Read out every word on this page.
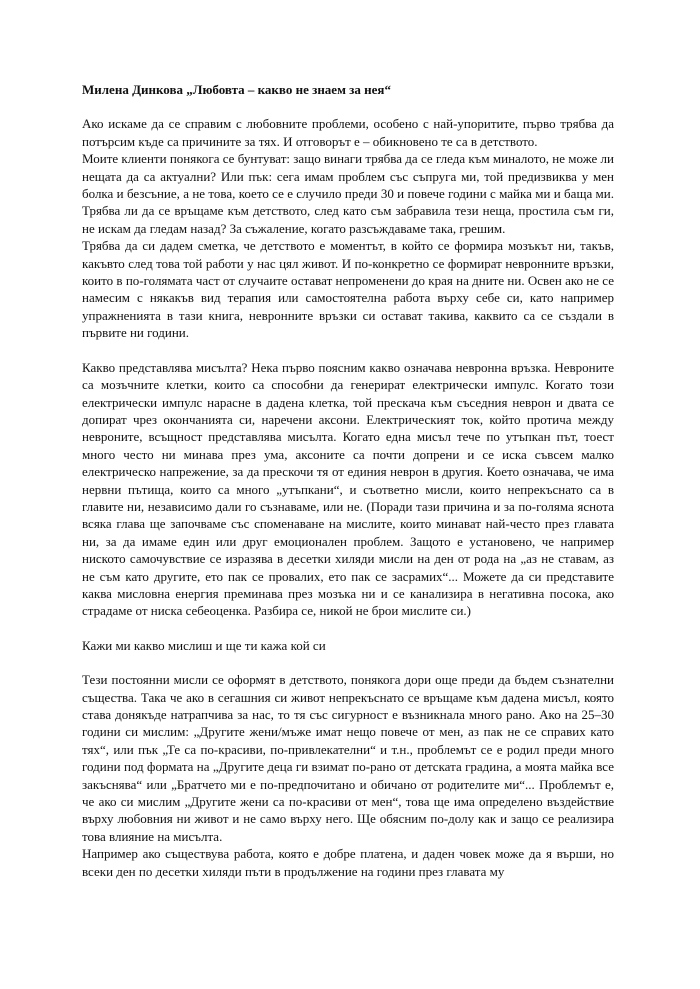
Милена Динкова „Любовта – какво не знаем за нея“

Ако искаме да се справим с любовните проблеми, особено с най-упоритите, първо трябва да потърсим къде са причините за тях. И отговорът е – обикновено те са в детството.

Моите клиенти понякога се бунтуват: защо винаги трябва да се гледа към миналото, не може ли нещата да са актуални? Или пък: сега имам проблем със съпруга ми, той предизвиква у мен болка и безсъние, а не това, което се е случило преди 30 и повече години с майка ми и баща ми. Трябва ли да се връщаме към детството, след като съм забравила тези неща, простила съм ги, не искам да гледам назад? За съжаление, когато разсъждаваме така, грешим.

Трябва да си дадем сметка, че детството е моментът, в който се формира мозъкът ни, такъв, какъвто след това той работи у нас цял живот. И по-конкретно се формират невронните връзки, които в по-голямата част от случаите остават непроменени до края на дните ни. Освен ако не се намесим с някакъв вид терапия или самостоятелна работа върху себе си, като например упражненията в тази книга, невронните връзки си остават такива, каквито са се създали в първите ни години.

Какво представлява мисълта? Нека първо поясним какво означава невронна връзка. Невроните са мозъчните клетки, които са способни да генерират електрически импулс. Когато този електрически импулс нарасне в дадена клетка, той прескача към съседния неврон и двата се допират чрез окончанията си, наречени аксони. Електрическият ток, който протича между невроните, всъщност представлява мисълта. Когато една мисъл тече по утъпкан път, тоест много често ни минава през ума, аксоните са почти допрени и се иска съвсем малко електрическо напрежение, за да прескочи тя от единия неврон в другия. Което означава, че има нервни пътища, които са много „утъпкани“, и съответно мисли, които непрекъснато са в главите ни, независимо дали го съзнаваме, или не. (Поради тази причина и за по-голяма яснота всяка глава ще започваме със споменаване на мислите, които минават най-често през главата ни, за да имаме един или друг емоционален проблем. Защото е установено, че например ниското самочувствие се изразява в десетки хиляди мисли на ден от рода на „аз не ставам, аз не съм като другите, ето пак се провалих, ето пак се засрамих“... Можете да си представите каква мисловна енергия преминава през мозъка ни и се канализира в негативна посока, ако страдаме от ниска себеоценка. Разбира се, никой не брои мислите си.)

Кажи ми какво мислиш и ще ти кажа кой си

Тези постоянни мисли се оформят в детството, понякога дори още преди да бъдем съзнателни същества. Така че ако в сегашния си живот непрекъснато се връщаме към дадена мисъл, която става донякъде натрапчива за нас, то тя със сигурност е възникнала много рано. Ако на 25–30 години си мислим: „Другите жени/мъже имат нещо повече от мен, аз пак не се справих като тях“, или пък „Те са по-красиви, по-привлекателни“ и т.н., проблемът се е родил преди много години под формата на „Другите деца ги взимат по-рано от детската градина, а моята майка все закъснява“ или „Братчето ми е по-предпочитано и обичано от родителите ми“... Проблемът е, че ако си мислим „Другите жени са по-красиви от мен“, това ще има определено въздействие върху любовния ни живот и не само върху него. Ще обясним по-долу как и защо се реализира това влияние на мисълта.

Например ако съществува работа, която е добре платена, и даден човек може да я върши, но всеки ден по десетки хиляди пъти в продължение на години през главата му
